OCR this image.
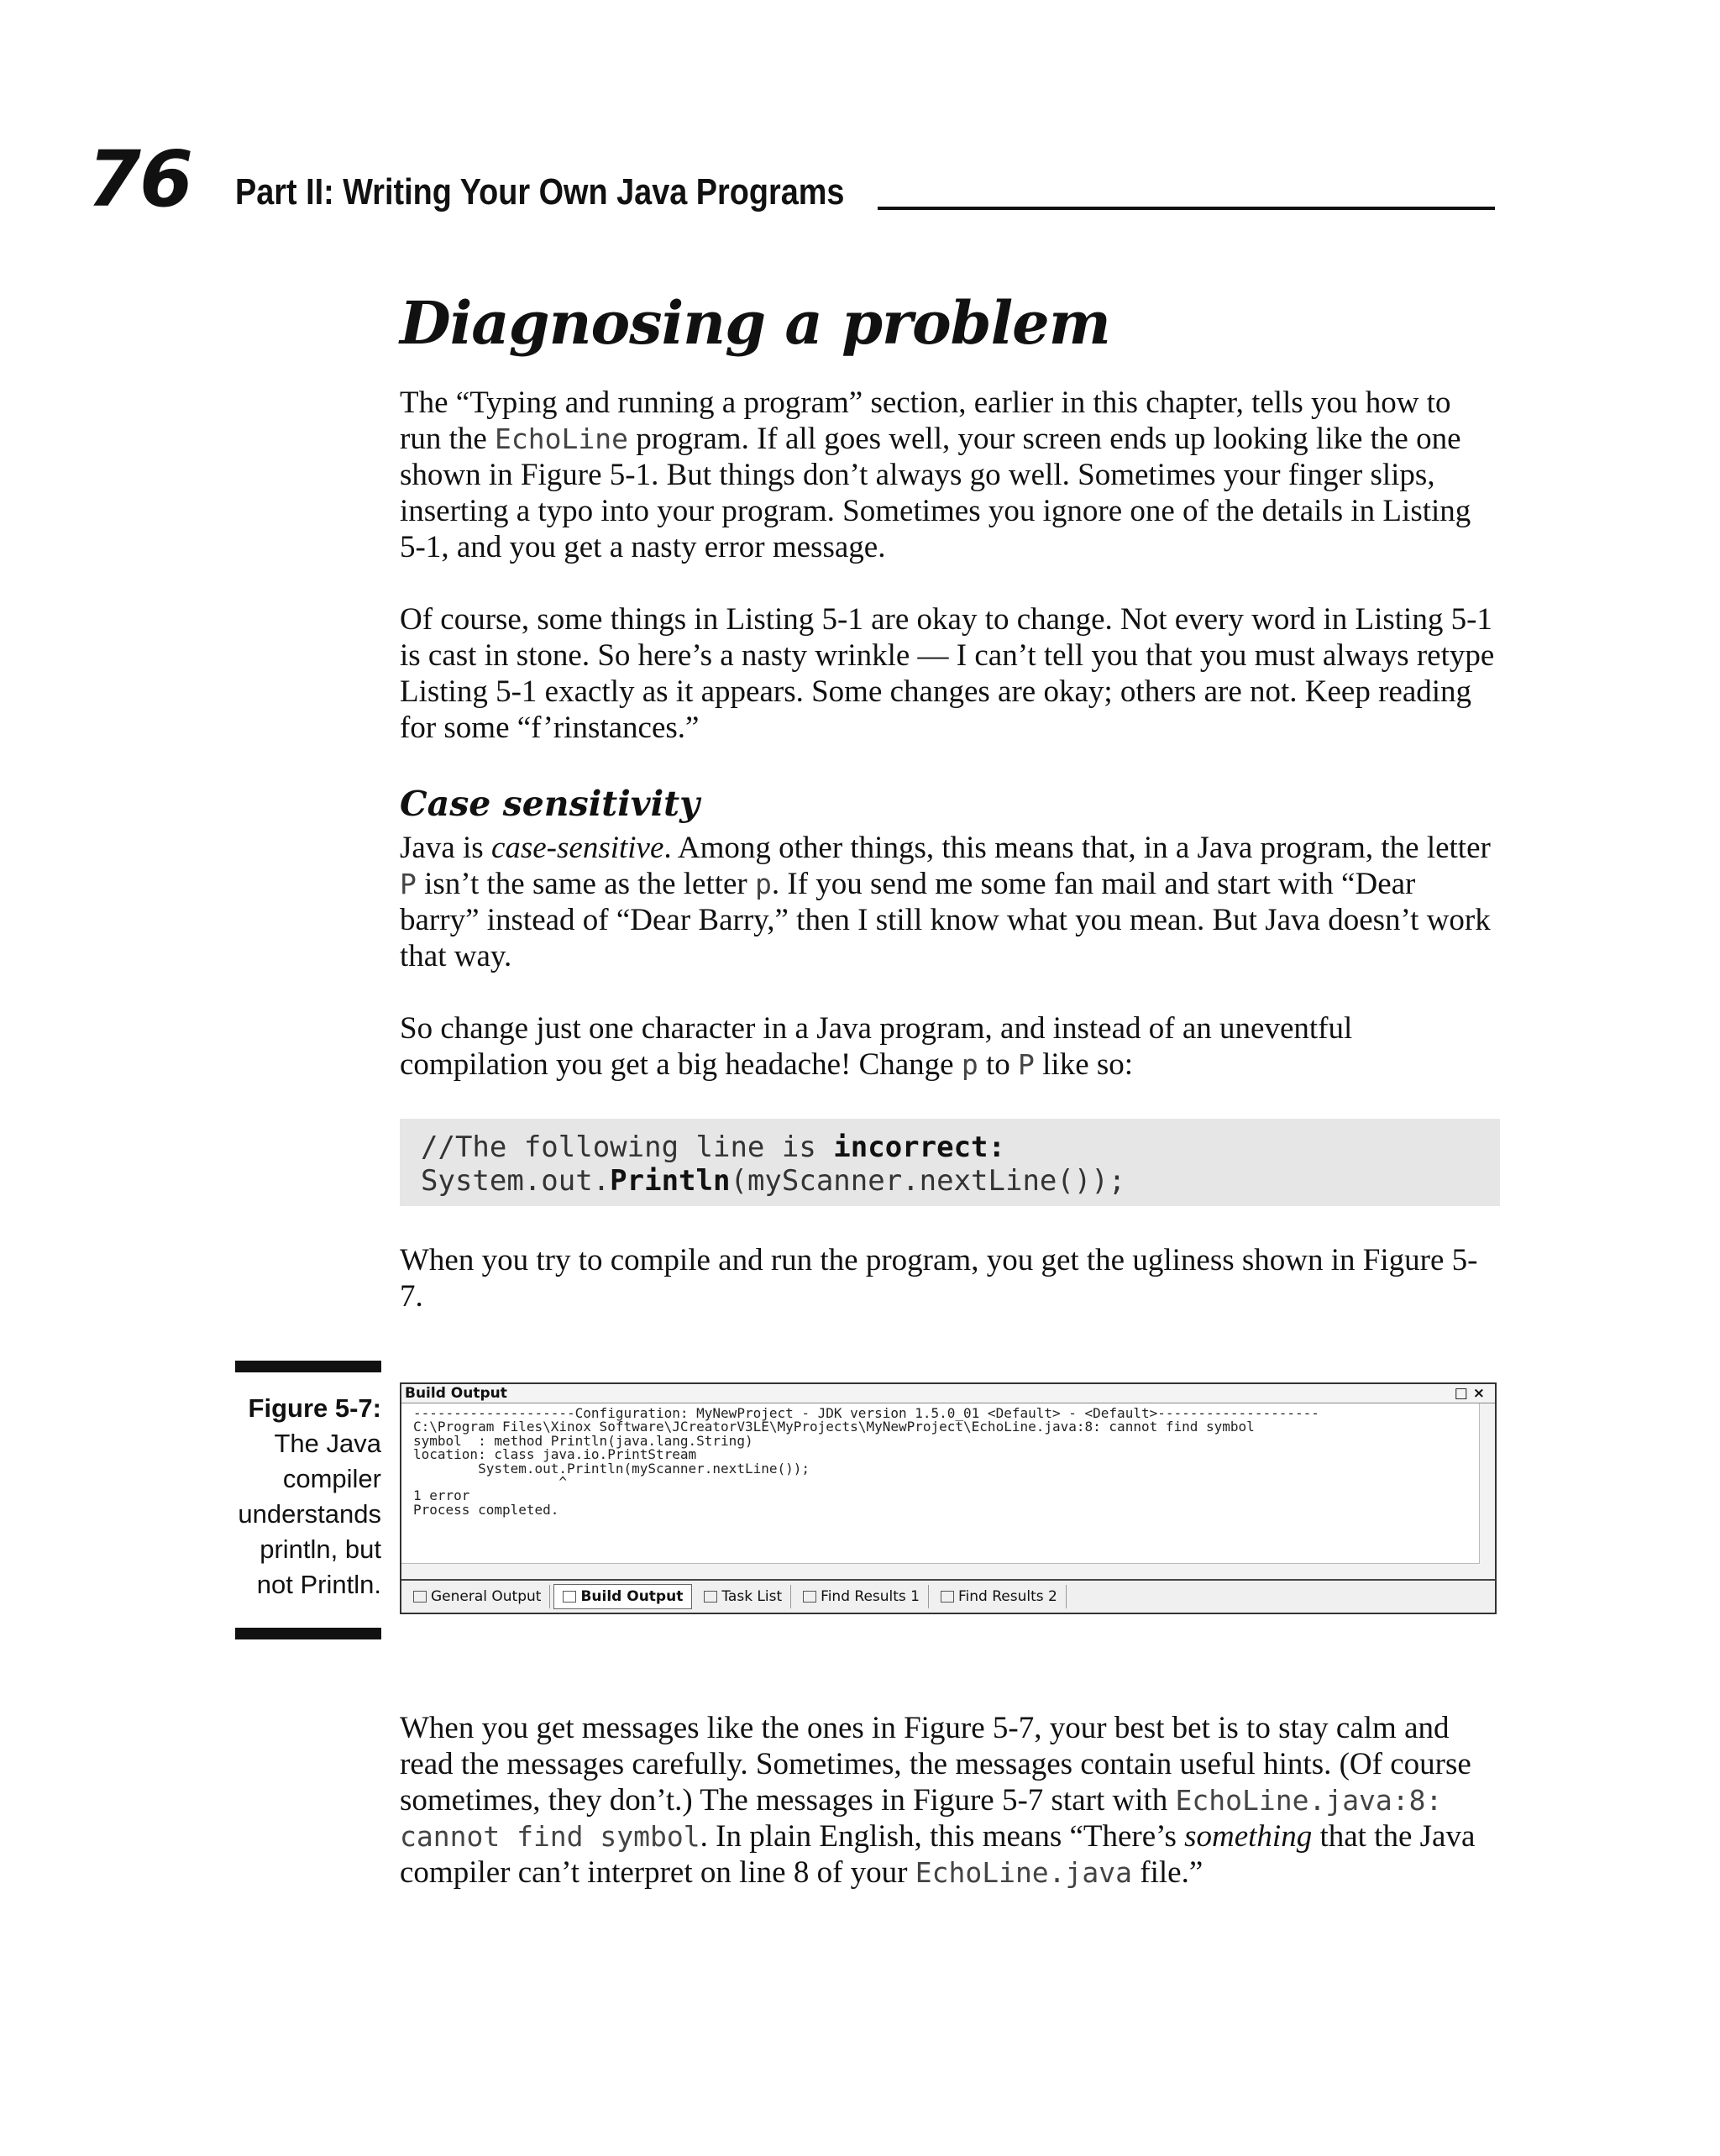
76 Part II: Writing Your Own Java Programs
Diagnosing a problem

The “Typing and running a program” section, earlier in this chapter, tells you how to run the EchoLine program. If all goes well, your screen ends up looking like the one shown in Figure 5-1. But things don’t always go well. Sometimes your finger slips, inserting a typo into your program. Sometimes you ignore one of the details in Listing 5-1, and you get a nasty error message.

Of course, some things in Listing 5-1 are okay to change. Not every word in Listing 5-1 is cast in stone. So here’s a nasty wrinkle — I can’t tell you that you must always retype Listing 5-1 exactly as it appears. Some changes are okay; others are not. Keep reading for some “f’rinstances.”

Case sensitivity

Java is case-sensitive. Among other things, this means that, in a Java program, the letter P isn’t the same as the letter p. If you send me some fan mail and start with “Dear barry” instead of “Dear Barry,” then I still know what you mean. But Java doesn’t work that way.

So change just one character in a Java program, and instead of an uneventful compilation you get a big headache! Change p to P like so:

//The following line is incorrect:
System.out.Println(myScanner.nextLine());

When you try to compile and run the program, you get the ugliness shown in Figure 5-7.

Figure 5-7:
The Java compiler understands println, but not Println.
Build Output	□×
--------------------Configuration: MyNewProject - JDK version 1.5.0_01 <Default> - <Default>--------------------
C:\Program Files\Xinox Software\JCreatorV3LE\MyProjects\MyNewProject\EchoLine.java:8: cannot find symbol
symbol  : method Println(java.lang.String)
location: class java.io.PrintStream
System.out.Println(myScanner.nextLine());
^
1 error
Process completed.
General Output	Build Output	Task List	Find Results 1	Find Results 2

When you get messages like the ones in Figure 5-7, your best bet is to stay calm and read the messages carefully. Sometimes, the messages contain useful hints. (Of course sometimes, they don’t.) The messages in Figure 5-7 start with EchoLine.java:8: cannot find symbol. In plain English, this means “There’s something that the Java compiler can’t interpret on line 8 of your EchoLine.java file.”
